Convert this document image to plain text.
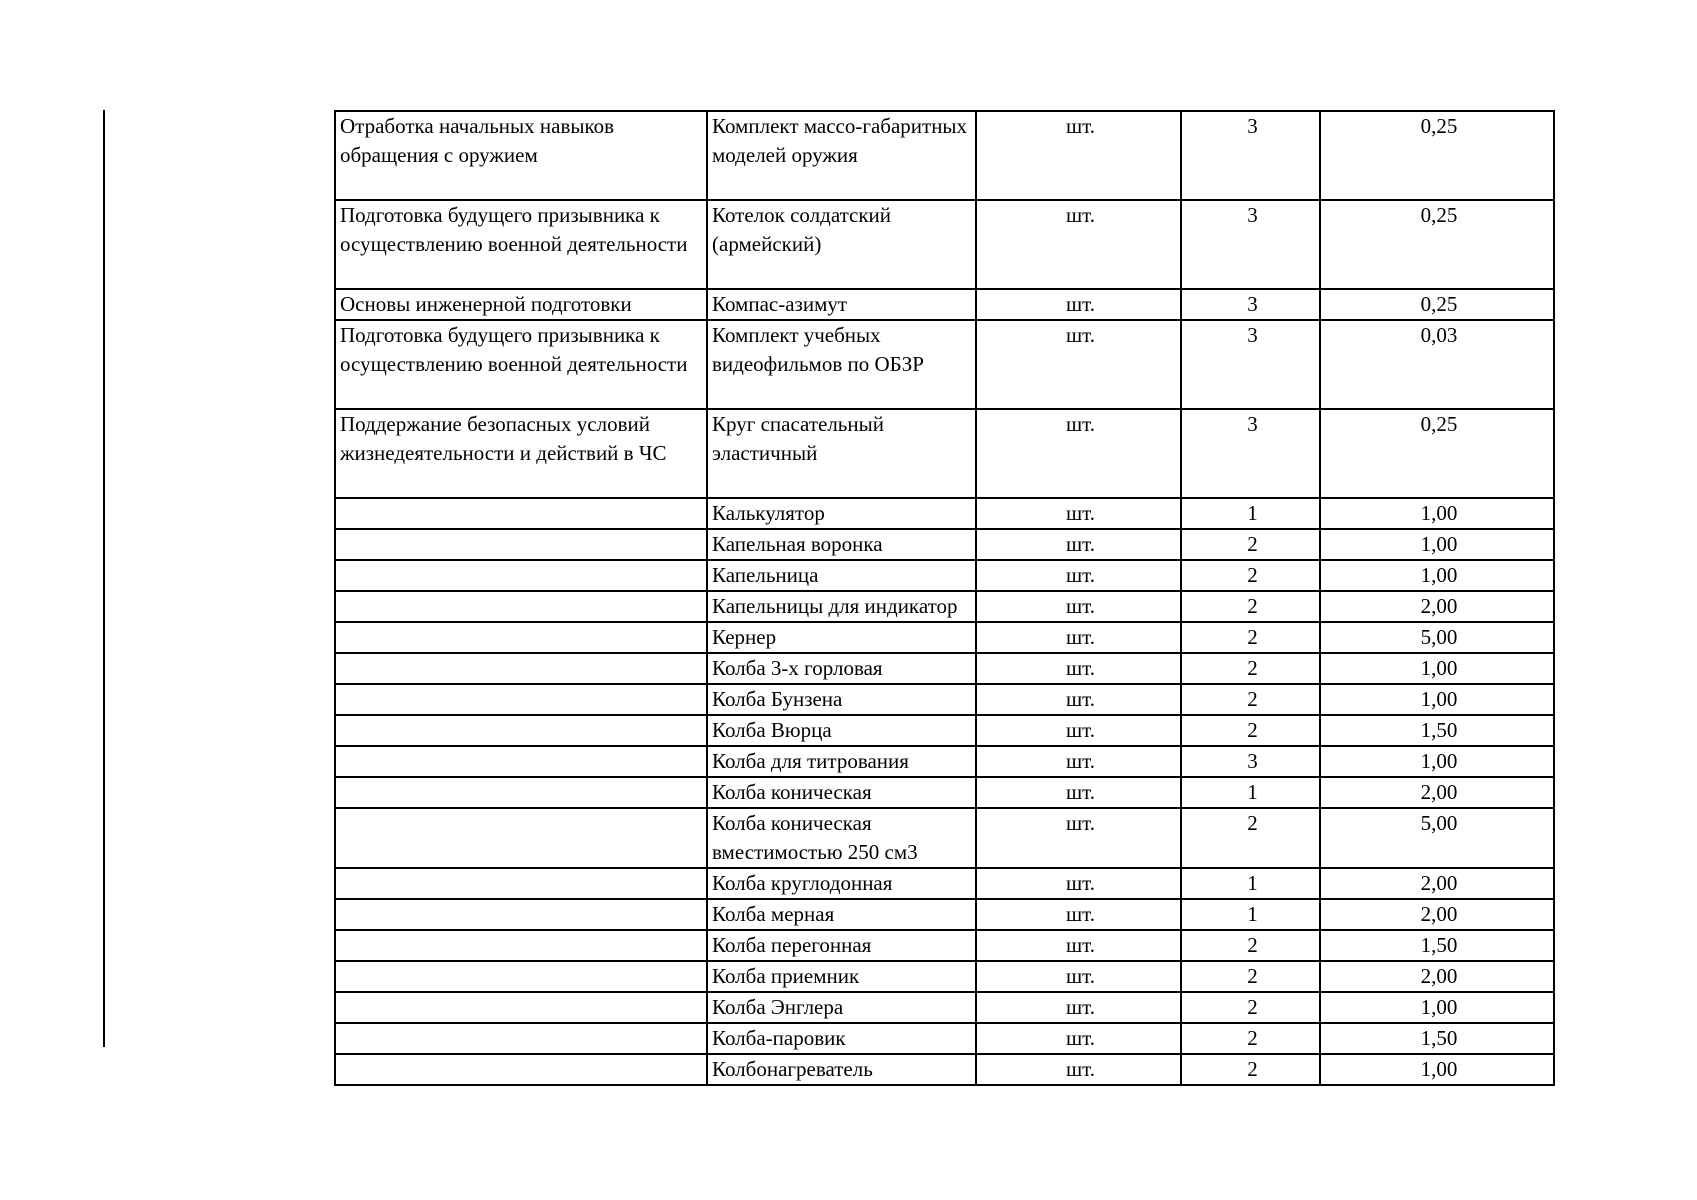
Отработка начальных навыков обращения с оружием	Комплект массо-габаритных моделей оружия	шт.	3	0,25
Подготовка будущего призывника к осуществлению военной деятельности	Котелок солдатский (армейский)	шт.	3	0,25
Основы инженерной подготовки	Компас-азимут	шт.	3	0,25
Подготовка будущего призывника к осуществлению военной деятельности	Комплект учебных видеофильмов по ОБЗР	шт.	3	0,03
Поддержание безопасных условий жизнедеятельности и действий в ЧС	Круг спасательный эластичный	шт.	3	0,25
	Калькулятор	шт.	1	1,00
	Капельная воронка	шт.	2	1,00
	Капельница	шт.	2	1,00
	Капельницы для индикатор	шт.	2	2,00
	Кернер	шт.	2	5,00
	Колба 3-х горловая	шт.	2	1,00
	Колба Бунзена	шт.	2	1,00
	Колба Вюрца	шт.	2	1,50
	Колба для титрования	шт.	3	1,00
	Колба коническая	шт.	1	2,00
	Колба коническая вместимостью 250 см3	шт.	2	5,00
	Колба круглодонная	шт.	1	2,00
	Колба мерная	шт.	1	2,00
	Колба перегонная	шт.	2	1,50
	Колба приемник	шт.	2	2,00
	Колба Энглера	шт.	2	1,00
	Колба-паровик	шт.	2	1,50
	Колбонагреватель	шт.	2	1,00
